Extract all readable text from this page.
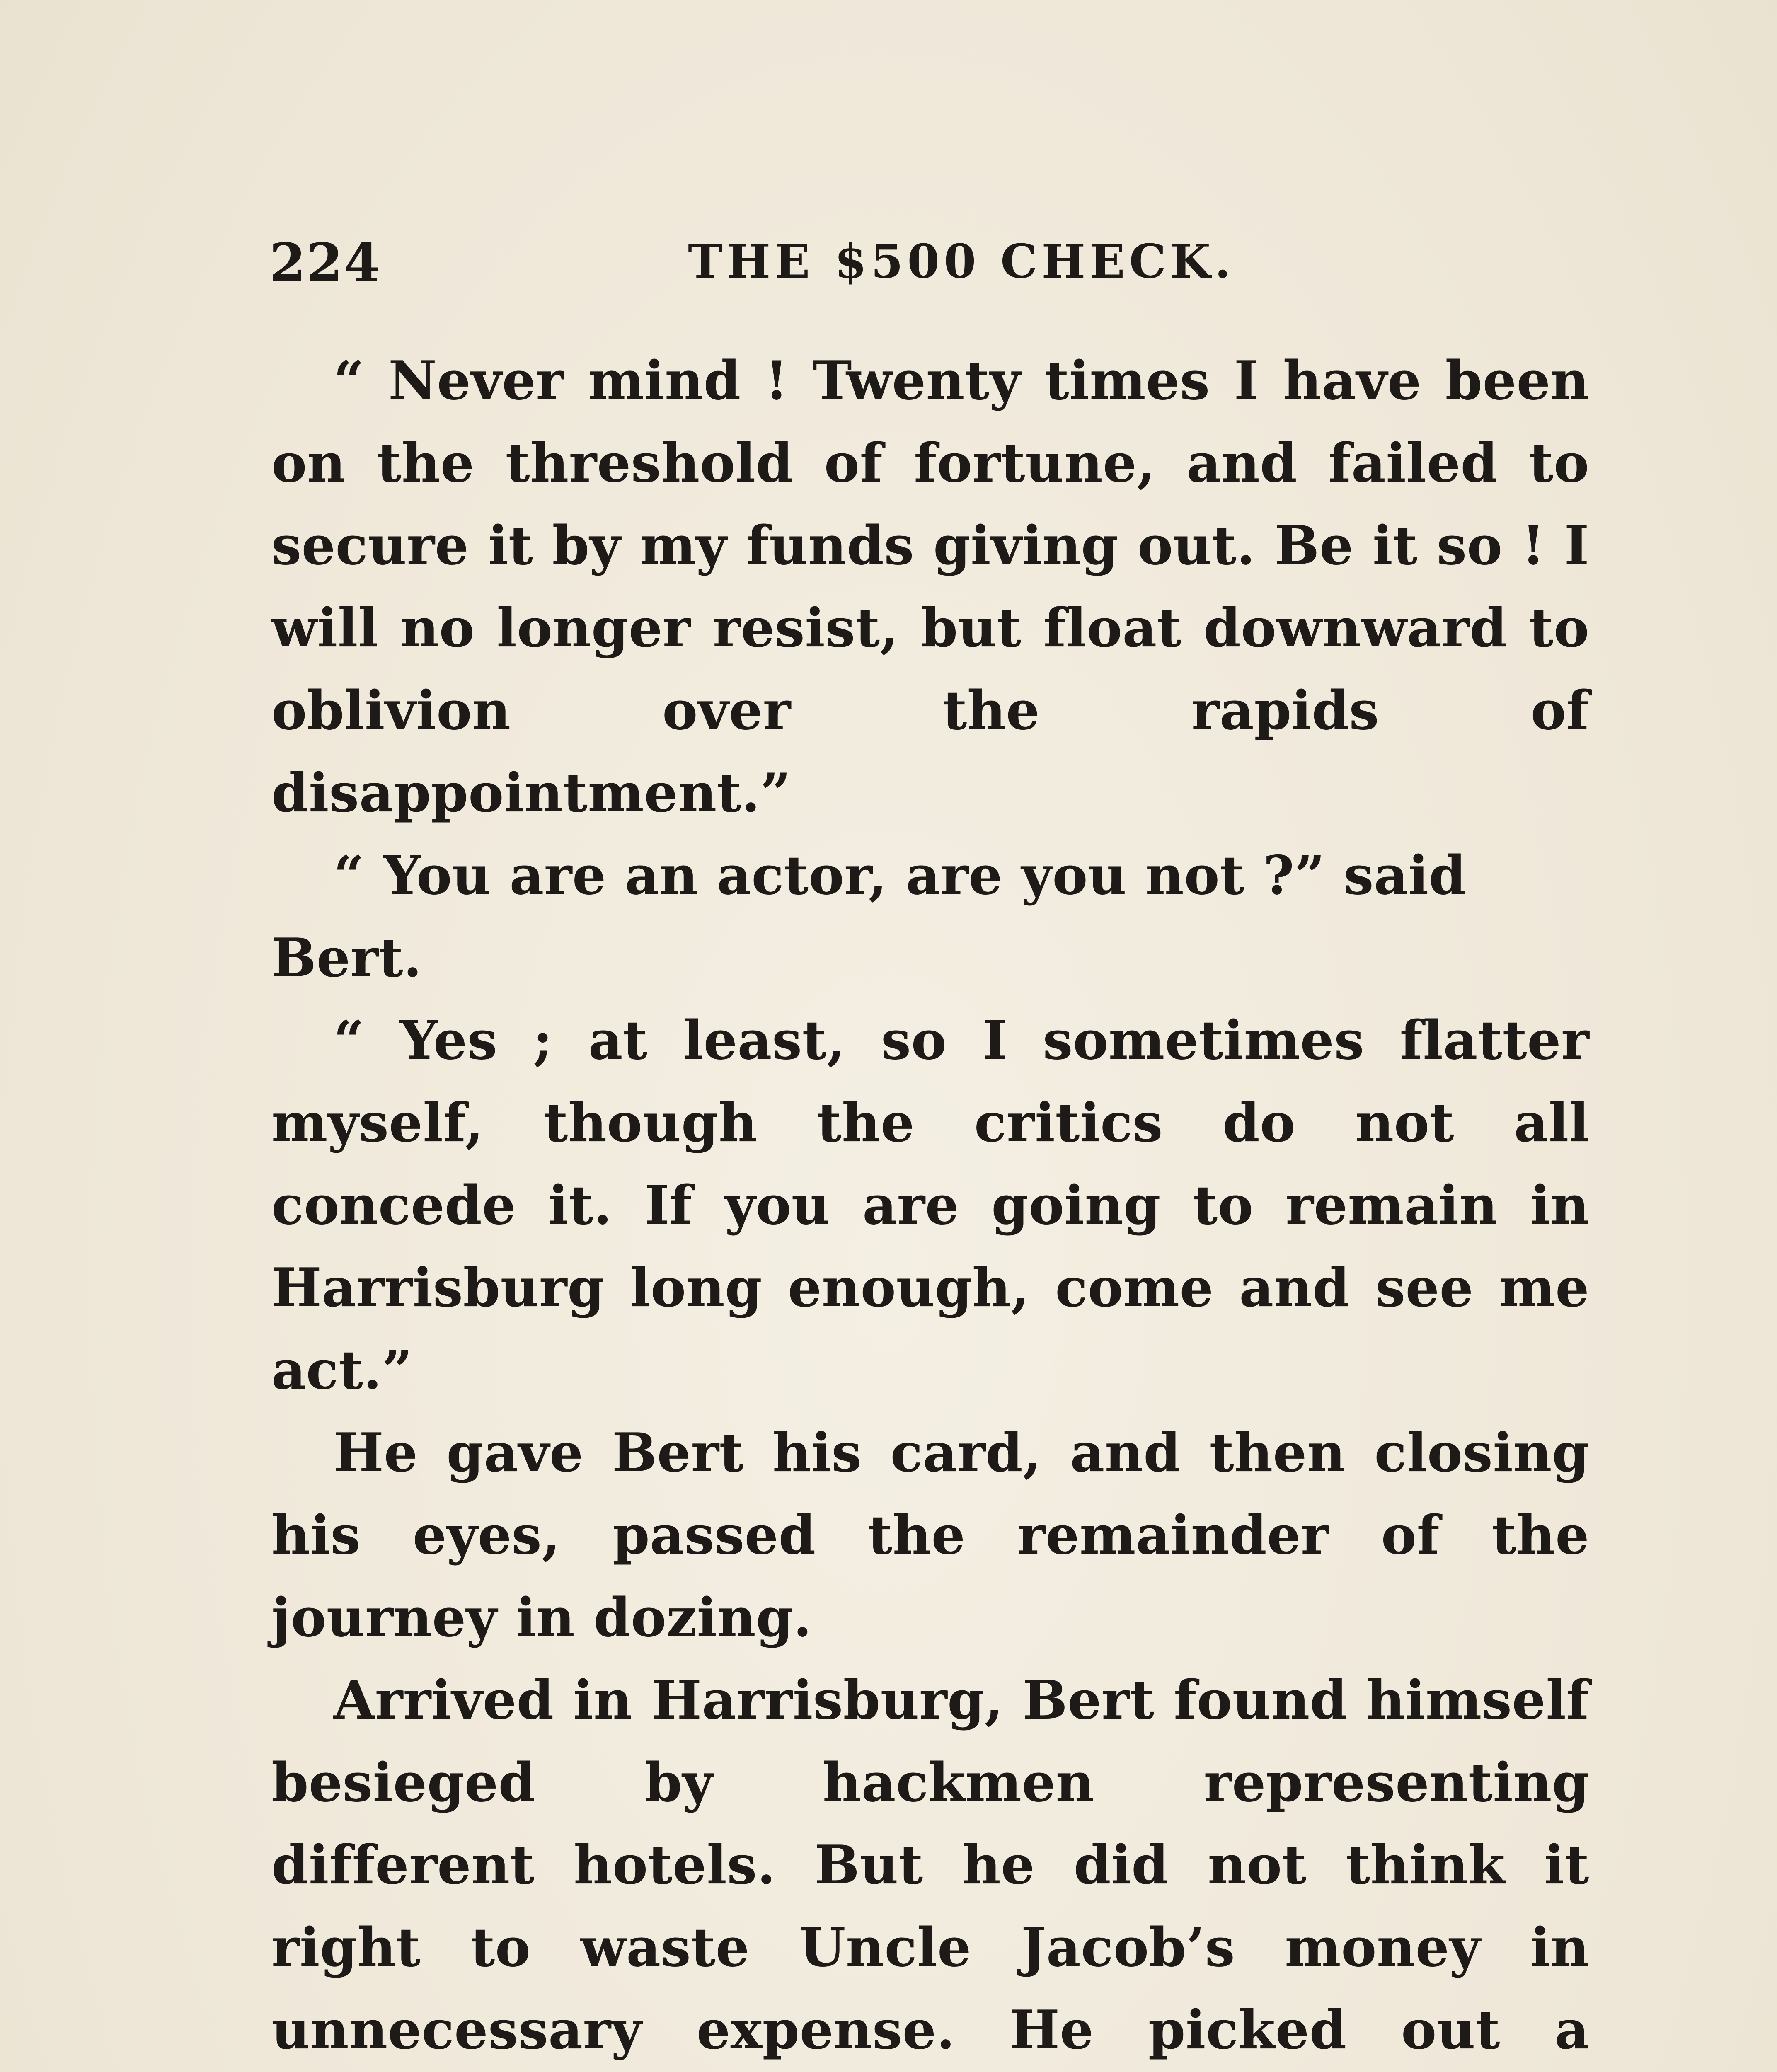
224	THE $500 CHECK.

“ Never mind ! Twenty times I have been on the threshold of fortune, and failed to secure it by my funds giving out. Be it so ! I will no longer resist, but float downward to oblivion over the rapids of disappointment.”

“ You are an actor, are you not ?” said Bert.

“ Yes ; at least, so I sometimes flatter myself, though the critics do not all concede it. If you are going to remain in Harrisburg long enough, come and see me act.”

He gave Bert his card, and then closing his eyes, passed the remainder of the journey in dozing.

Arrived in Harrisburg, Bert found himself besieged by hackmen representing different hotels. But he did not think it right to waste Uncle Jacob’s money in unnecessary expense. He picked out a
